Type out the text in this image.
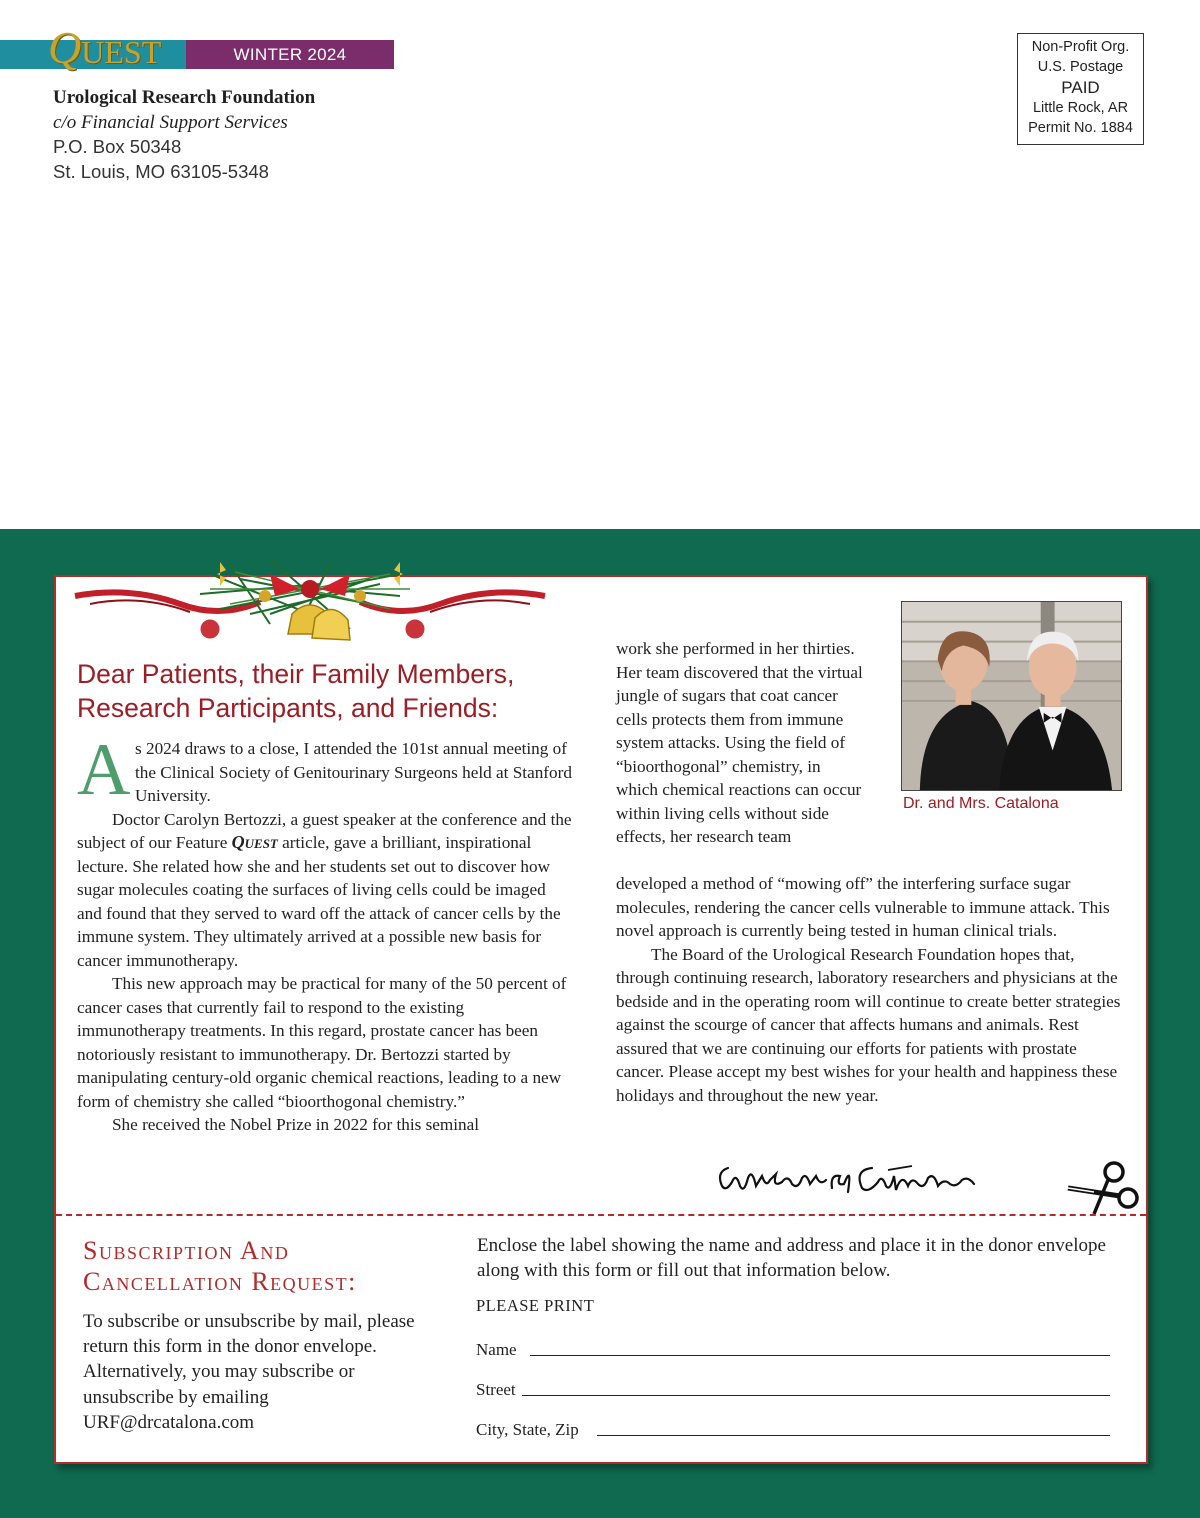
WINTER 2024
QUEST
Urological Research Foundation
c/o Financial Support Services
P.O. Box 50348
St. Louis, MO 63105-5348
Non-Profit Org.
U.S. Postage
PAID
Little Rock, AR
Permit No. 1884
Dear Patients, their Family Members,
Research Participants, and Friends:
A s 2024 draws to a close, I attended the 101st annual meeting of the Clinical Society of Genitourinary Surgeons held at Stanford University.

Doctor Carolyn Bertozzi, a guest speaker at the conference and the subject of our Feature Quest article, gave a brilliant, inspirational lecture. She related how she and her students set out to discover how sugar molecules coating the surfaces of living cells could be imaged and found that they served to ward off the attack of cancer cells by the immune system. They ultimately arrived at a possible new basis for cancer immunotherapy.

This new approach may be practical for many of the 50 percent of cancer cases that currently fail to respond to the existing immunotherapy treatments. In this regard, prostate cancer has been notoriously resistant to immunotherapy. Dr. Bertozzi started by manipulating century-old organic chemical reactions, leading to a new form of chemistry she called “bioorthogonal chemistry.”

She received the Nobel Prize in 2022 for this seminal

work she performed in her thirties. Her team discovered that the virtual jungle of sugars that coat cancer cells protects them from immune system attacks. Using the field of “bioorthogonal” chemistry, in which chemical reactions can occur within living cells without side effects, her research team

developed a method of “mowing off” the interfering surface sugar molecules, rendering the cancer cells vulnerable to immune attack. This novel approach is currently being tested in human clinical trials.

The Board of the Urological Research Foundation hopes that, through continuing research, laboratory researchers and physicians at the bedside and in the operating room will continue to create better strategies against the scourge of cancer that affects humans and animals. Rest assured that we are continuing our efforts for patients with prostate cancer. Please accept my best wishes for your health and happiness these holidays and throughout the new year.

Dr. and Mrs. Catalona
Subscription And
Cancellation Request:
To subscribe or unsubscribe by mail, please return this form in the donor envelope. Alternatively, you may subscribe or unsubscribe by emailing URF@drcatalona.com
Enclose the label showing the name and address and place it in the donor envelope along with this form or fill out that information below.
PLEASE PRINT
Name
Street
City, State, Zip
